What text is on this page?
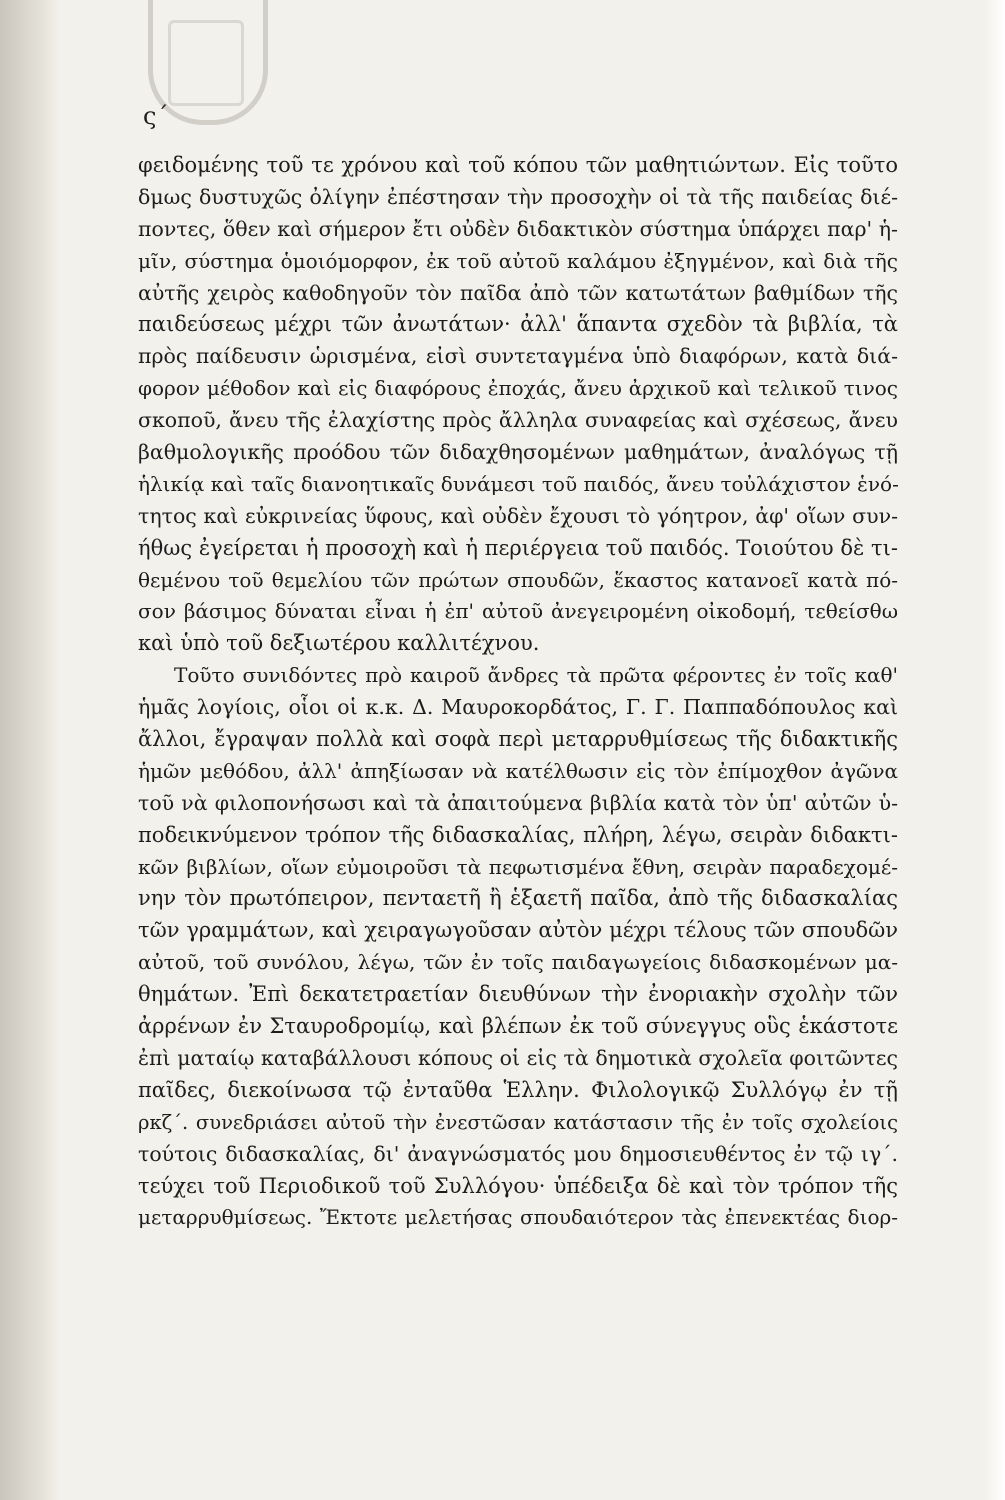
ς΄
φειδομένης τοῦ τε χρόνου καὶ τοῦ κόπου τῶν μαθητιώντων. Εἰς τοῦτο
δμως δυστυχῶς ὀλίγην ἐπέστησαν τὴν προσοχὴν οἱ τὰ τῆς παιδείας διέ-
ποντες, ὅθεν καὶ σήμερον ἔτι οὐδὲν διδακτικὸν σύστημα ὑπάρχει παρ' ἡ-
μῖν, σύστημα ὁμοιόμορφον, ἐκ τοῦ αὐτοῦ καλάμου ἐξηγμένον, καὶ διὰ τῆς
αὐτῆς χειρὸς καθοδηγοῦν τὸν παῖδα ἀπὸ τῶν κατωτάτων βαθμίδων τῆς
παιδεύσεως μέχρι τῶν ἀνωτάτων· ἀλλ' ἅπαντα σχεδὸν τὰ βιβλία, τὰ
πρὸς παίδευσιν ὡρισμένα, εἰσὶ συντεταγμένα ὑπὸ διαφόρων, κατὰ διά-
φορον μέθοδον καὶ εἰς διαφόρους ἐποχάς, ἄνευ ἀρχικοῦ καὶ τελικοῦ τινος
σκοποῦ, ἄνευ τῆς ἐλαχίστης πρὸς ἄλληλα συναφείας καὶ σχέσεως, ἄνευ
βαθμολογικῆς προόδου τῶν διδαχθησομένων μαθημάτων, ἀναλόγως τῇ
ἡλικίᾳ καὶ ταῖς διανοητικαῖς δυνάμεσι τοῦ παιδός, ἄνευ τοὐλάχιστον ἑνό-
τητος καὶ εὐκρινείας ὕφους, καὶ οὐδὲν ἔχουσι τὸ γόητρον, ἀφ' οἵων συν-
ήθως ἐγείρεται ἡ προσοχὴ καὶ ἡ περιέργεια τοῦ παιδός. Τοιούτου δὲ τι-
θεμένου τοῦ θεμελίου τῶν πρώτων σπουδῶν, ἕκαστος κατανοεῖ κατὰ πό-
σον βάσιμος δύναται εἶναι ἡ ἐπ' αὐτοῦ ἀνεγειρομένη οἰκοδομή, τεθείσθω
καὶ ὑπὸ τοῦ δεξιωτέρου καλλιτέχνου.
Τοῦτο συνιδόντες πρὸ καιροῦ ἄνδρες τὰ πρῶτα φέροντες ἐν τοῖς καθ'
ἡμᾶς λογίοις, οἷοι οἱ κ.κ. Δ. Μαυροκορδάτος, Γ. Γ. Παππαδόπουλος καὶ
ἄλλοι, ἔγραψαν πολλὰ καὶ σοφὰ περὶ μεταρρυθμίσεως τῆς διδακτικῆς
ἡμῶν μεθόδου, ἀλλ' ἀπηξίωσαν νὰ κατέλθωσιν εἰς τὸν ἐπίμοχθον ἀγῶνα
τοῦ νὰ φιλοπονήσωσι καὶ τὰ ἀπαιτούμενα βιβλία κατὰ τὸν ὑπ' αὐτῶν ὑ-
ποδεικνύμενον τρόπον τῆς διδασκαλίας, πλήρη, λέγω, σειρὰν διδακτι-
κῶν βιβλίων, οἵων εὐμοιροῦσι τὰ πεφωτισμένα ἔθνη, σειρὰν παραδεχομέ-
νην τὸν πρωτόπειρον, πενταετῆ ἢ ἑξαετῆ παῖδα, ἀπὸ τῆς διδασκαλίας
τῶν γραμμάτων, καὶ χειραγωγοῦσαν αὐτὸν μέχρι τέλους τῶν σπουδῶν
αὐτοῦ, τοῦ συνόλου, λέγω, τῶν ἐν τοῖς παιδαγωγείοις διδασκομένων μα-
θημάτων. Ἐπὶ δεκατετραετίαν διευθύνων τὴν ἐνοριακὴν σχολὴν τῶν
ἀρρένων ἐν Σταυροδρομίῳ, καὶ βλέπων ἐκ τοῦ σύνεγγυς οὓς ἑκάστοτε
ἐπὶ ματαίῳ καταβάλλουσι κόπους οἱ εἰς τὰ δημοτικὰ σχολεῖα φοιτῶντες
παῖδες, διεκοίνωσα τῷ ἐνταῦθα Ἑλλην. Φιλολογικῷ Συλλόγῳ ἐν τῇ
ρκζ΄. συνεδριάσει αὐτοῦ τὴν ἐνεστῶσαν κατάστασιν τῆς ἐν τοῖς σχολείοις
τούτοις διδασκαλίας, δι' ἀναγνώσματός μου δημοσιευθέντος ἐν τῷ ιγ΄.
τεύχει τοῦ Περιοδικοῦ τοῦ Συλλόγου· ὑπέδειξα δὲ καὶ τὸν τρόπον τῆς
μεταρρυθμίσεως. Ἔκτοτε μελετήσας σπουδαιότερον τὰς ἐπενεκτέας διορ-
